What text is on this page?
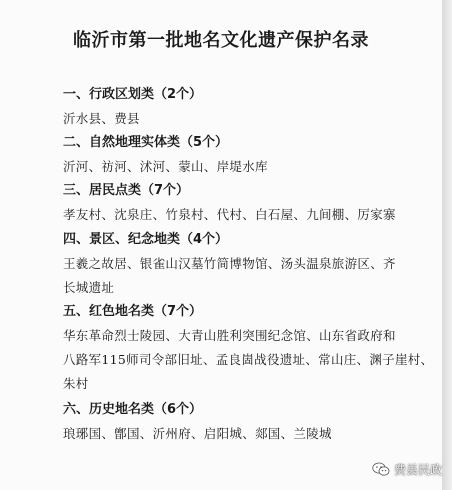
临沂市第一批地名文化遗产保护名录
一、行政区划类（2个）
沂水县、费县
二、自然地理实体类（5个）
沂河、祊河、沭河、蒙山、岸堤水库
三、居民点类（7个）
孝友村、沈泉庄、竹泉村、代村、白石屋、九间棚、厉家寨
四、景区、纪念地类（4个）
王羲之故居、银雀山汉墓竹简博物馆、汤头温泉旅游区、齐
长城遗址
五、红色地名类（7个）
华东革命烈士陵园、大青山胜利突围纪念馆、山东省政府和
八路军115师司令部旧址、孟良崮战役遗址、常山庄、渊子崖村、
朱村
六、历史地名类（6个）
琅琊国、鄫国、沂州府、启阳城、郯国、兰陵城
费县民政
